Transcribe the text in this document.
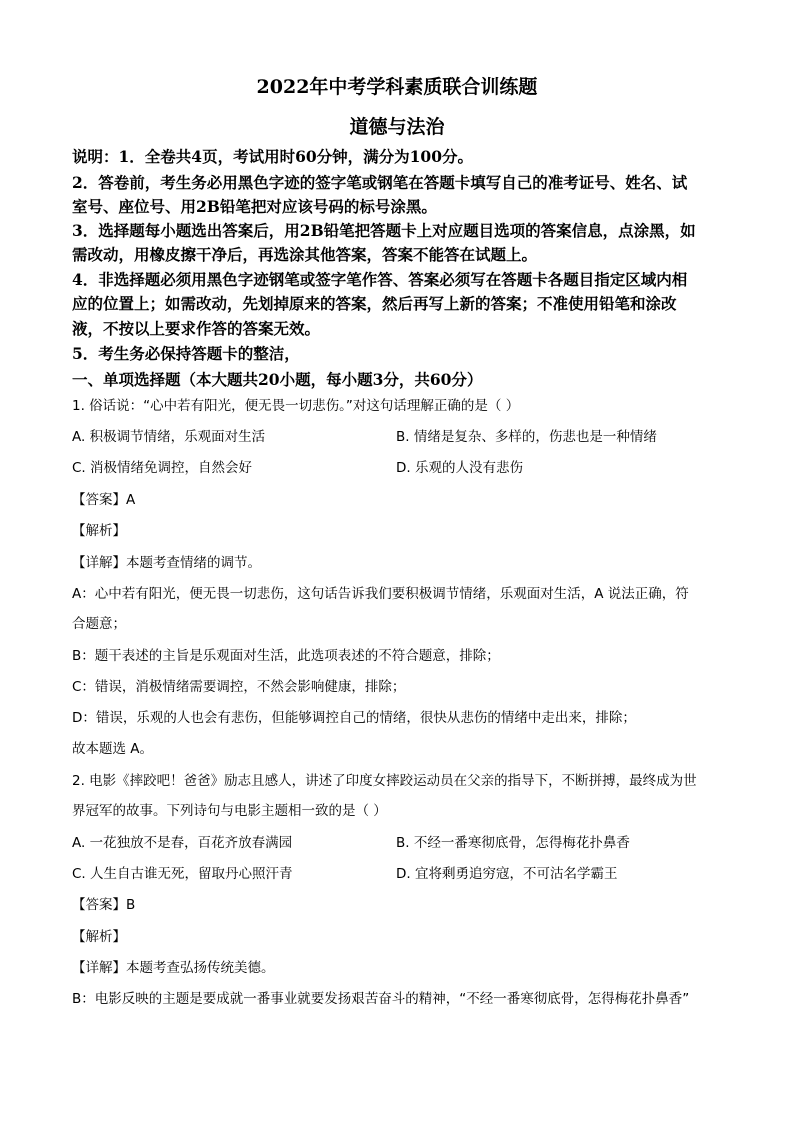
2022年中考学科素质联合训练题
道德与法治
说明：1．全卷共4页，考试用时60分钟，满分为100分。
2．答卷前，考生务必用黑色字迹的签字笔或钢笔在答题卡填写自己的准考证号、姓名、试
室号、座位号、用2B铅笔把对应该号码的标号涂黑。
3．选择题每小题选出答案后，用2B铅笔把答题卡上对应题目选项的答案信息，点涂黑，如
需改动，用橡皮擦干净后，再选涂其他答案，答案不能答在试题上。
4．非选择题必须用黑色字迹钢笔或签字笔作答、答案必须写在答题卡各题目指定区域内相
应的位置上；如需改动，先划掉原来的答案，然后再写上新的答案；不准使用铅笔和涂改
液，不按以上要求作答的答案无效。
5．考生务必保持答题卡的整洁，
一、单项选择题（本大题共20小题，每小题3分，共60分）
1. 俗话说：“心中若有阳光，便无畏一切悲伤。”对这句话理解正确的是（ ）
A. 积极调节情绪，乐观面对生活	B. 情绪是复杂、多样的，伤悲也是一种情绪
C. 消极情绪免调控，自然会好	D. 乐观的人没有悲伤
【答案】A
【解析】
【详解】本题考查情绪的调节。
A：心中若有阳光，便无畏一切悲伤，这句话告诉我们要积极调节情绪，乐观面对生活，A 说法正确，符
合题意；
B：题干表述的主旨是乐观面对生活，此选项表述的不符合题意，排除；
C：错误，消极情绪需要调控，不然会影响健康，排除；
D：错误，乐观的人也会有悲伤，但能够调控自己的情绪，很快从悲伤的情绪中走出来，排除；
故本题选 A。
2. 电影《摔跤吧！爸爸》励志且感人，讲述了印度女摔跤运动员在父亲的指导下，不断拼搏，最终成为世
界冠军的故事。下列诗句与电影主题相一致的是（ ）
A. 一花独放不是春，百花齐放春满园	B. 不经一番寒彻底骨，怎得梅花扑鼻香
C. 人生自古谁无死，留取丹心照汗青	D. 宜将剩勇追穷寇，不可沽名学霸王
【答案】B
【解析】
【详解】本题考查弘扬传统美德。
B：电影反映的主题是要成就一番事业就要发扬艰苦奋斗的精神，“不经一番寒彻底骨，怎得梅花扑鼻香”
